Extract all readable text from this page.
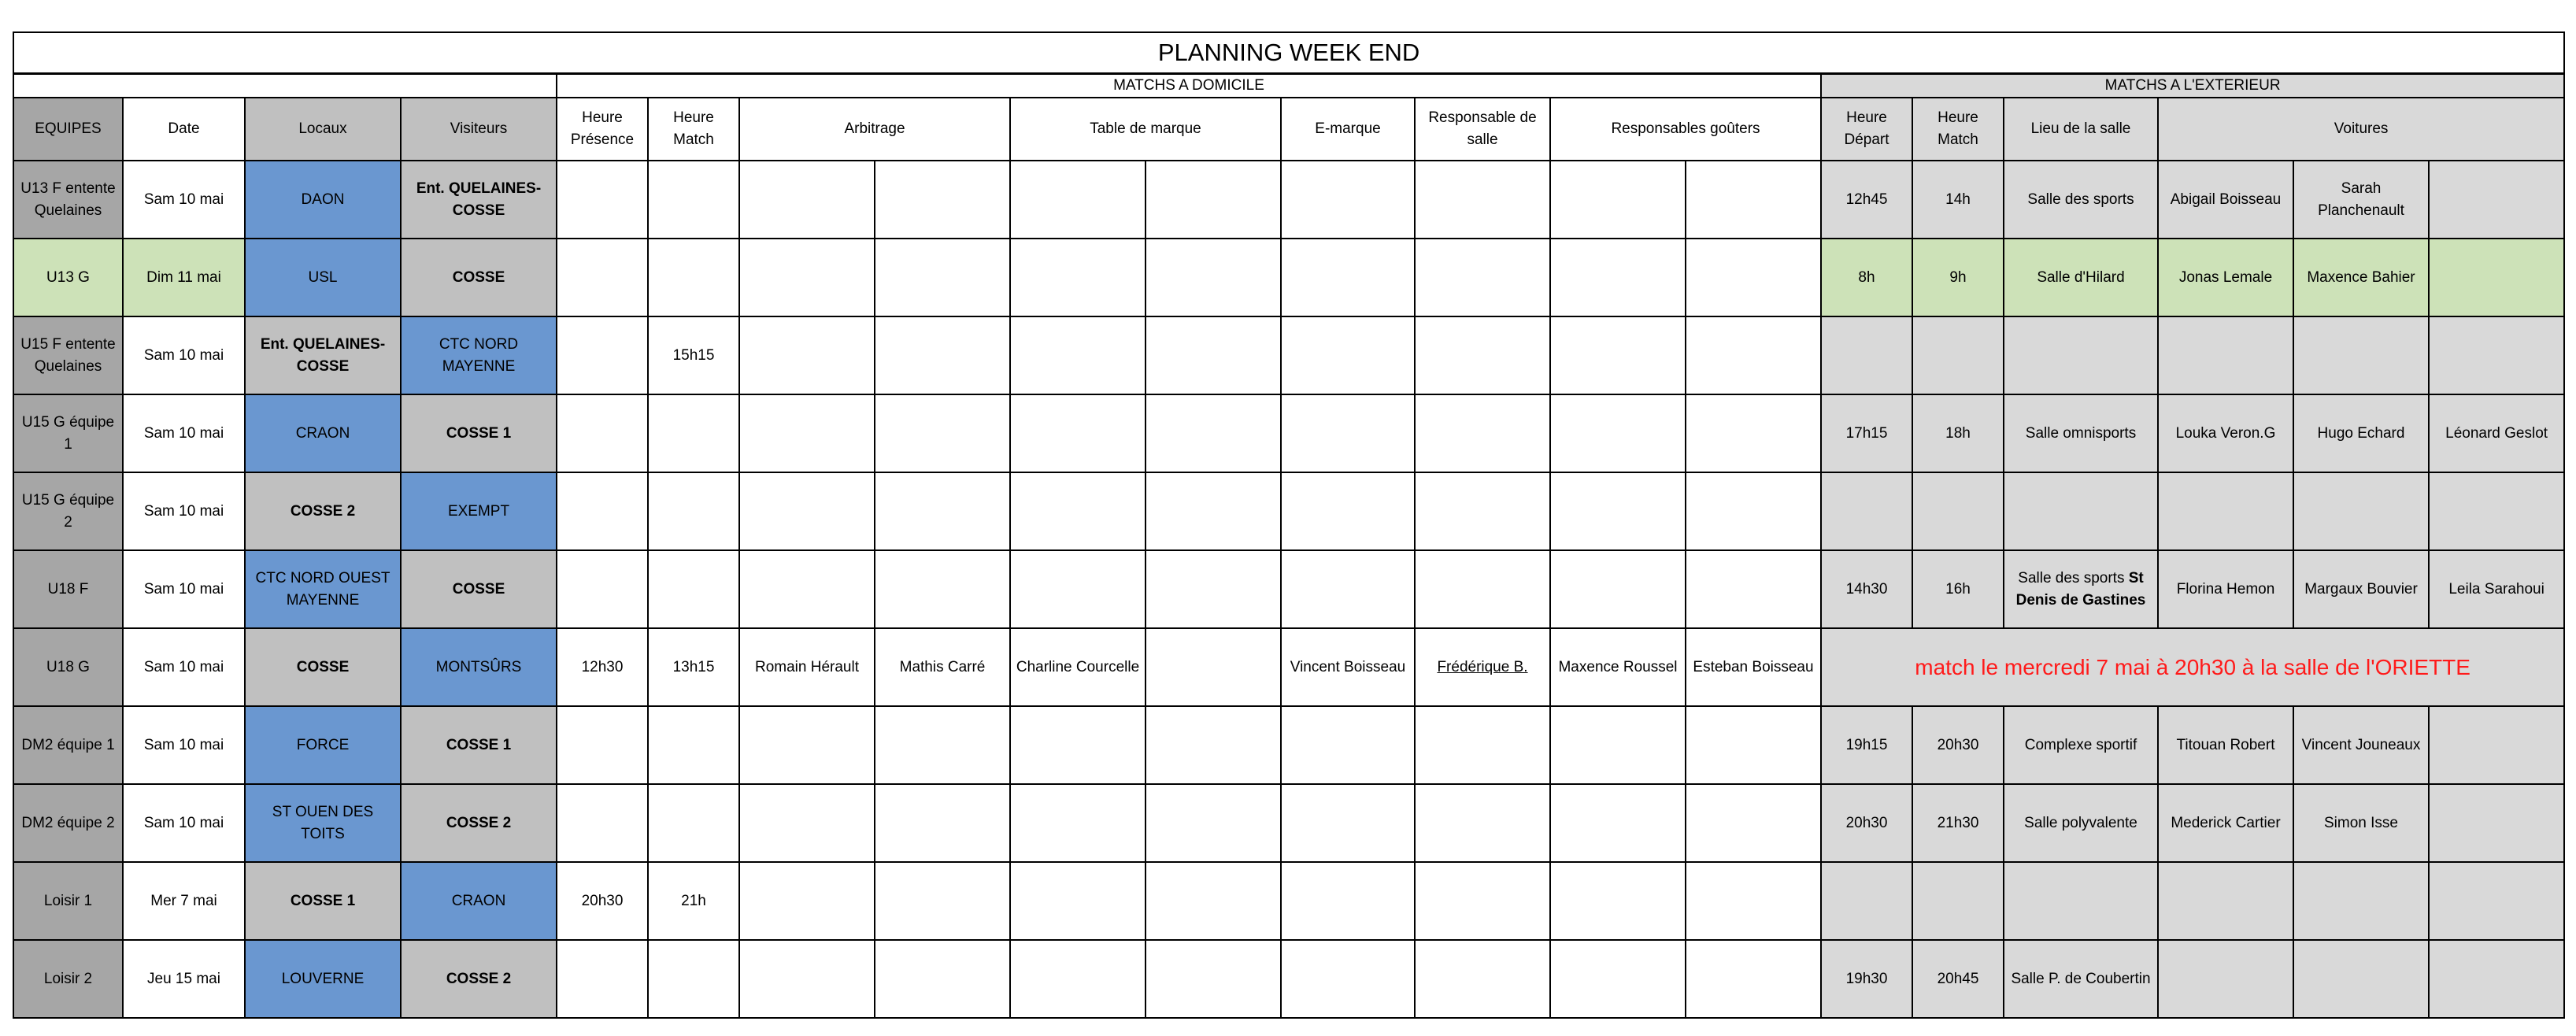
PLANNING WEEK END																			
				MATCHS A DOMICILE										MATCHS A L'EXTERIEUR					
EQUIPES	Date	Locaux	Visiteurs	Heure Présence	Heure Match	Arbitrage		Table de marque		E-marque	Responsable de salle	Responsables goûters		Heure Départ	Heure Match	Lieu de la salle	Voitures		
U13 F entente Quelaines	Sam 10 mai	DAON	Ent. QUELAINES-COSSE											12h45	14h	Salle des sports	Abigail Boisseau	Sarah Planchenault	
U13 G	Dim 11 mai	USL	COSSE											8h	9h	Salle d'Hilard	Jonas Lemale	Maxence Bahier	
U15 F entente Quelaines	Sam 10 mai	Ent. QUELAINES-COSSE	CTC NORD MAYENNE		15h15														
U15 G équipe 1	Sam 10 mai	CRAON	COSSE 1											17h15	18h	Salle omnisports	Louka Veron.G	Hugo Echard	Léonard Geslot
U15 G équipe 2	Sam 10 mai	COSSE 2	EXEMPT																
U18 F	Sam 10 mai	CTC NORD OUEST MAYENNE	COSSE											14h30	16h	Salle des sports St Denis de Gastines	Florina Hemon	Margaux Bouvier	Leila Sarahoui
U18 G	Sam 10 mai	COSSE	MONTSÛRS	12h30	13h15	Romain Hérault	Mathis Carré	Charline Courcelle		Vincent Boisseau	Frédérique B.	Maxence Roussel	Esteban Boisseau	match le mercredi 7 mai à 20h30 à la salle de l'ORIETTE					
DM2 équipe 1	Sam 10 mai	FORCE	COSSE 1											19h15	20h30	Complexe sportif	Titouan Robert	Vincent Jouneaux	
DM2 équipe 2	Sam 10 mai	ST OUEN DES TOITS	COSSE 2											20h30	21h30	Salle polyvalente	Mederick Cartier	Simon Isse	
Loisir 1	Mer 7 mai	COSSE 1	CRAON	20h30	21h														
Loisir 2	Jeu 15 mai	LOUVERNE	COSSE 2											19h30	20h45	Salle P. de Coubertin			
